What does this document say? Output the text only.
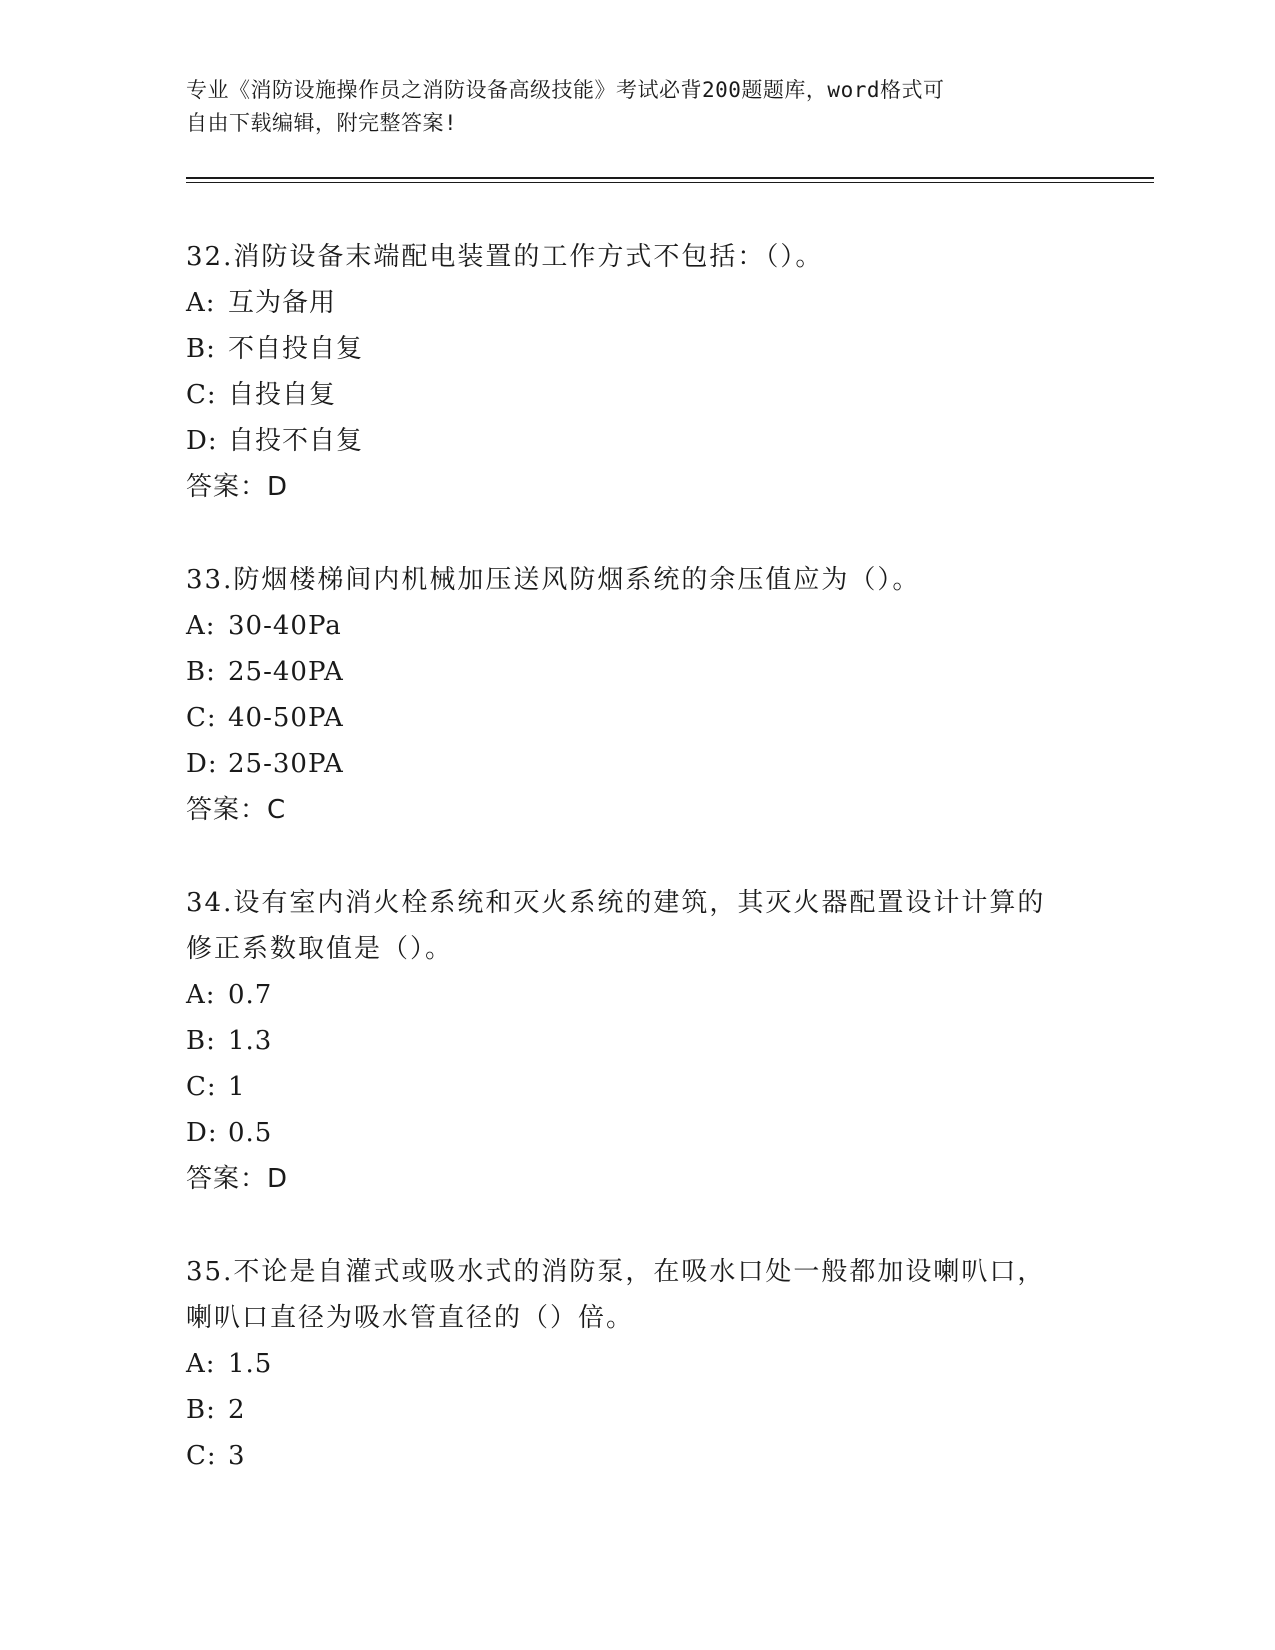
专业《消防设施操作员之消防设备高级技能》考试必背200题题库，word格式可
自由下载编辑，附完整答案!
32.消防设备末端配电装置的工作方式不包括：（）。
A: 互为备用
B: 不自投自复
C: 自投自复
D: 自投不自复
答案：D
33.防烟楼梯间内机械加压送风防烟系统的余压值应为（）。
A: 30-40Pa
B: 25-40PA
C: 40-50PA
D: 25-30PA
答案：C
34.设有室内消火栓系统和灭火系统的建筑，其灭火器配置设计计算的
修正系数取值是（）。
A: 0.7
B: 1.3
C: 1
D: 0.5
答案：D
35.不论是自灌式或吸水式的消防泵，在吸水口处一般都加设喇叭口，
喇叭口直径为吸水管直径的（）倍。
A: 1.5
B: 2
C: 3
